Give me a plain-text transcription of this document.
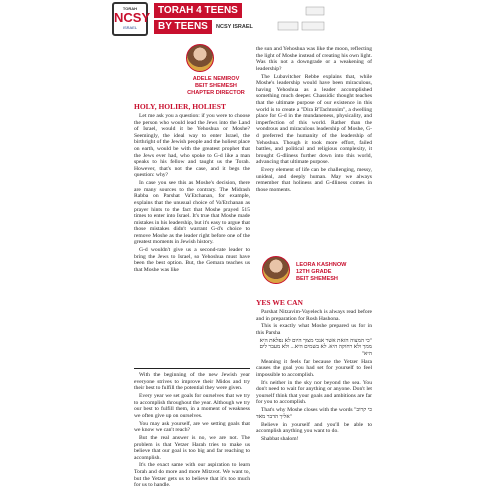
TORAH
NCSY
ISRAEL
TORAH 4 TEENS
BY TEENS	NCSY ISRAEL
ADELE NEMIROV
BEIT SHEMESH
CHAPTER DIRECTOR
HOLY, HOLIER, HOLIEST

Let me ask you a question: if you were to choose the person who would lead the Jews into the Land of Israel, would it be Yehoshua or Moshe? Seemingly, the ideal way to enter Israel, the birthright of the Jewish people and the holiest place on earth, would be with the greatest prophet that the Jews ever had, who spoke to G-d like a man speaks to his fellow and taught us the Torah. However, that's not the case, and it begs the question: why?

In case you see this as Moshe's decision, there are many sources to the contrary. The Midrash Rabba on Parshat Va'Etchanan, for example, explains that the unusual choice of Va'Etchanan as prayer hints to the fact that Moshe prayed 515 times to enter into Israel. It's true that Moshe made mistakes in his leadership, but it's easy to argue that those mistakes didn't warrant G-d's choice to remove Moshe as the leader right before one of the greatest moments in Jewish history.

G-d wouldn't give us a second-rate leader to bring the Jews to Israel, so Yehoshua must have been the best option. But, the Gemara teaches us that Moshe was like

the sun and Yehoshua was like the moon, reflecting the light of Moshe instead of creating his own light. Was this not a downgrade or a weakening of leadership?

The Lubavitcher Rebbe explains that, while Moshe's leadership would have been miraculous, having Yehoshua as a leader accomplished something much deeper. Chassidic thought teaches that the ultimate purpose of our existence in this world is to create a "Dira B'Tachtonim", a dwelling place for G-d in the mundaneness, physicality, and imperfection of this world. Rather than the wondrous and miraculous leadership of Moshe, G-d preferred the humanity of the leadership of Yehoshua. Though it took more effort, failed battles, and political and religious complexity, it brought G-dliness further down into this world, advancing that ultimate purpose.

Every element of life can be challenging, messy, unideal, and deeply human. May we always remember that holiness and G-dliness comes in those moments.

LEORA KASHNOW
12TH GRADE
BEIT SHEMESH
YES WE CAN

Parshat Nitzavim-Vayelech is always read before and in preparation for Rosh Hashona.

This is exactly what Moshe prepared us for in this Parsha

"כי המצוה הזאת אשר אנכי מצוך היום לא נפלאת היא ממך ולא רחוקה היא. לא בשמים היא... ולא מעבר לים היא"

Meaning it feels far because the Yetzer Hara causes the goal you had set for yourself to feel impossible to accomplish.

It's neither in the sky nor beyond the sea. You don't need to wait for anything or anyone. Don't let yourself think that your goals and ambitions are far for you to accomplish.

That's why Moshe closes with the words "כי קרוב אליך הדבר מאד"

Believe in yourself and you'll be able to accomplish anything you want to do.

Shabbat shalom!

With the beginning of the new Jewish year everyone strives to improve their Midos and try their best to fulfill the potential they were given.

Every year we set goals for ourselves that we try to accomplish throughout the year. Although we try our best to fulfill them, in a moment of weakness we often give up on ourselves.

You may ask yourself, are we setting goals that we know we can't reach?

But the real answer is no, we are not. The problem is that Yetzer Harah tries to make us believe that our goal is too big and far reaching to accomplish.

It's the exact same with our aspiration to learn Torah and do more and more Mitzvot. We want to, but the Yetzer gets us to believe that it's too much for us to handle.
